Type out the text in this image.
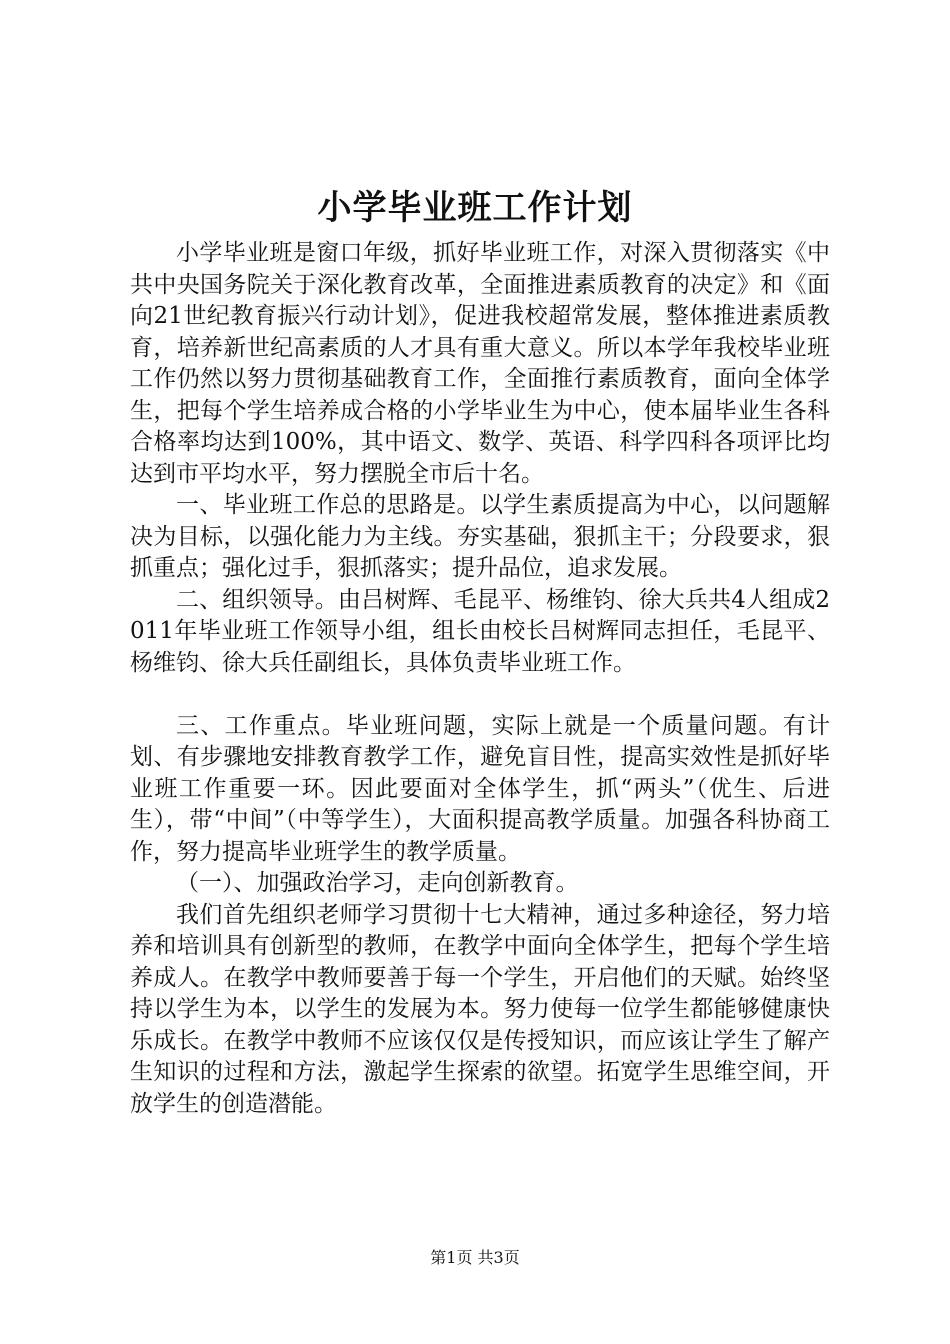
小学毕业班工作计划

小学毕业班是窗口年级，抓好毕业班工作，对深入贯彻落实《中共中央国务院关于深化教育改革，全面推进素质教育的决定》和《面向21世纪教育振兴行动计划》，促进我校超常发展，整体推进素质教育，培养新世纪高素质的人才具有重大意义。所以本学年我校毕业班工作仍然以努力贯彻基础教育工作，全面推行素质教育，面向全体学生，把每个学生培养成合格的小学毕业生为中心，使本届毕业生各科合格率均达到100%，其中语文、数学、英语、科学四科各项评比均达到市平均水平，努力摆脱全市后十名。

一、毕业班工作总的思路是。以学生素质提高为中心，以问题解决为目标，以强化能力为主线。夯实基础，狠抓主干；分段要求，狠抓重点；强化过手，狠抓落实；提升品位，追求发展。

二、组织领导。由吕树辉、毛昆平、杨维钧、徐大兵共4人组成2011年毕业班工作领导小组，组长由校长吕树辉同志担任，毛昆平、杨维钧、徐大兵任副组长，具体负责毕业班工作。

三、工作重点。毕业班问题，实际上就是一个质量问题。有计划、有步骤地安排教育教学工作，避免盲目性，提高实效性是抓好毕业班工作重要一环。因此要面对全体学生，抓“两头”（优生、后进生），带“中间”（中等学生），大面积提高教学质量。加强各科协商工作，努力提高毕业班学生的教学质量。

（一）、加强政治学习，走向创新教育。

我们首先组织老师学习贯彻十七大精神，通过多种途径，努力培养和培训具有创新型的教师，在教学中面向全体学生，把每个学生培养成人。在教学中教师要善于每一个学生，开启他们的天赋。始终坚持以学生为本，以学生的发展为本。努力使每一位学生都能够健康快乐成长。在教学中教师不应该仅仅是传授知识，而应该让学生了解产生知识的过程和方法，激起学生探索的欲望。拓宽学生思维空间，开放学生的创造潜能。

第1页 共3页
